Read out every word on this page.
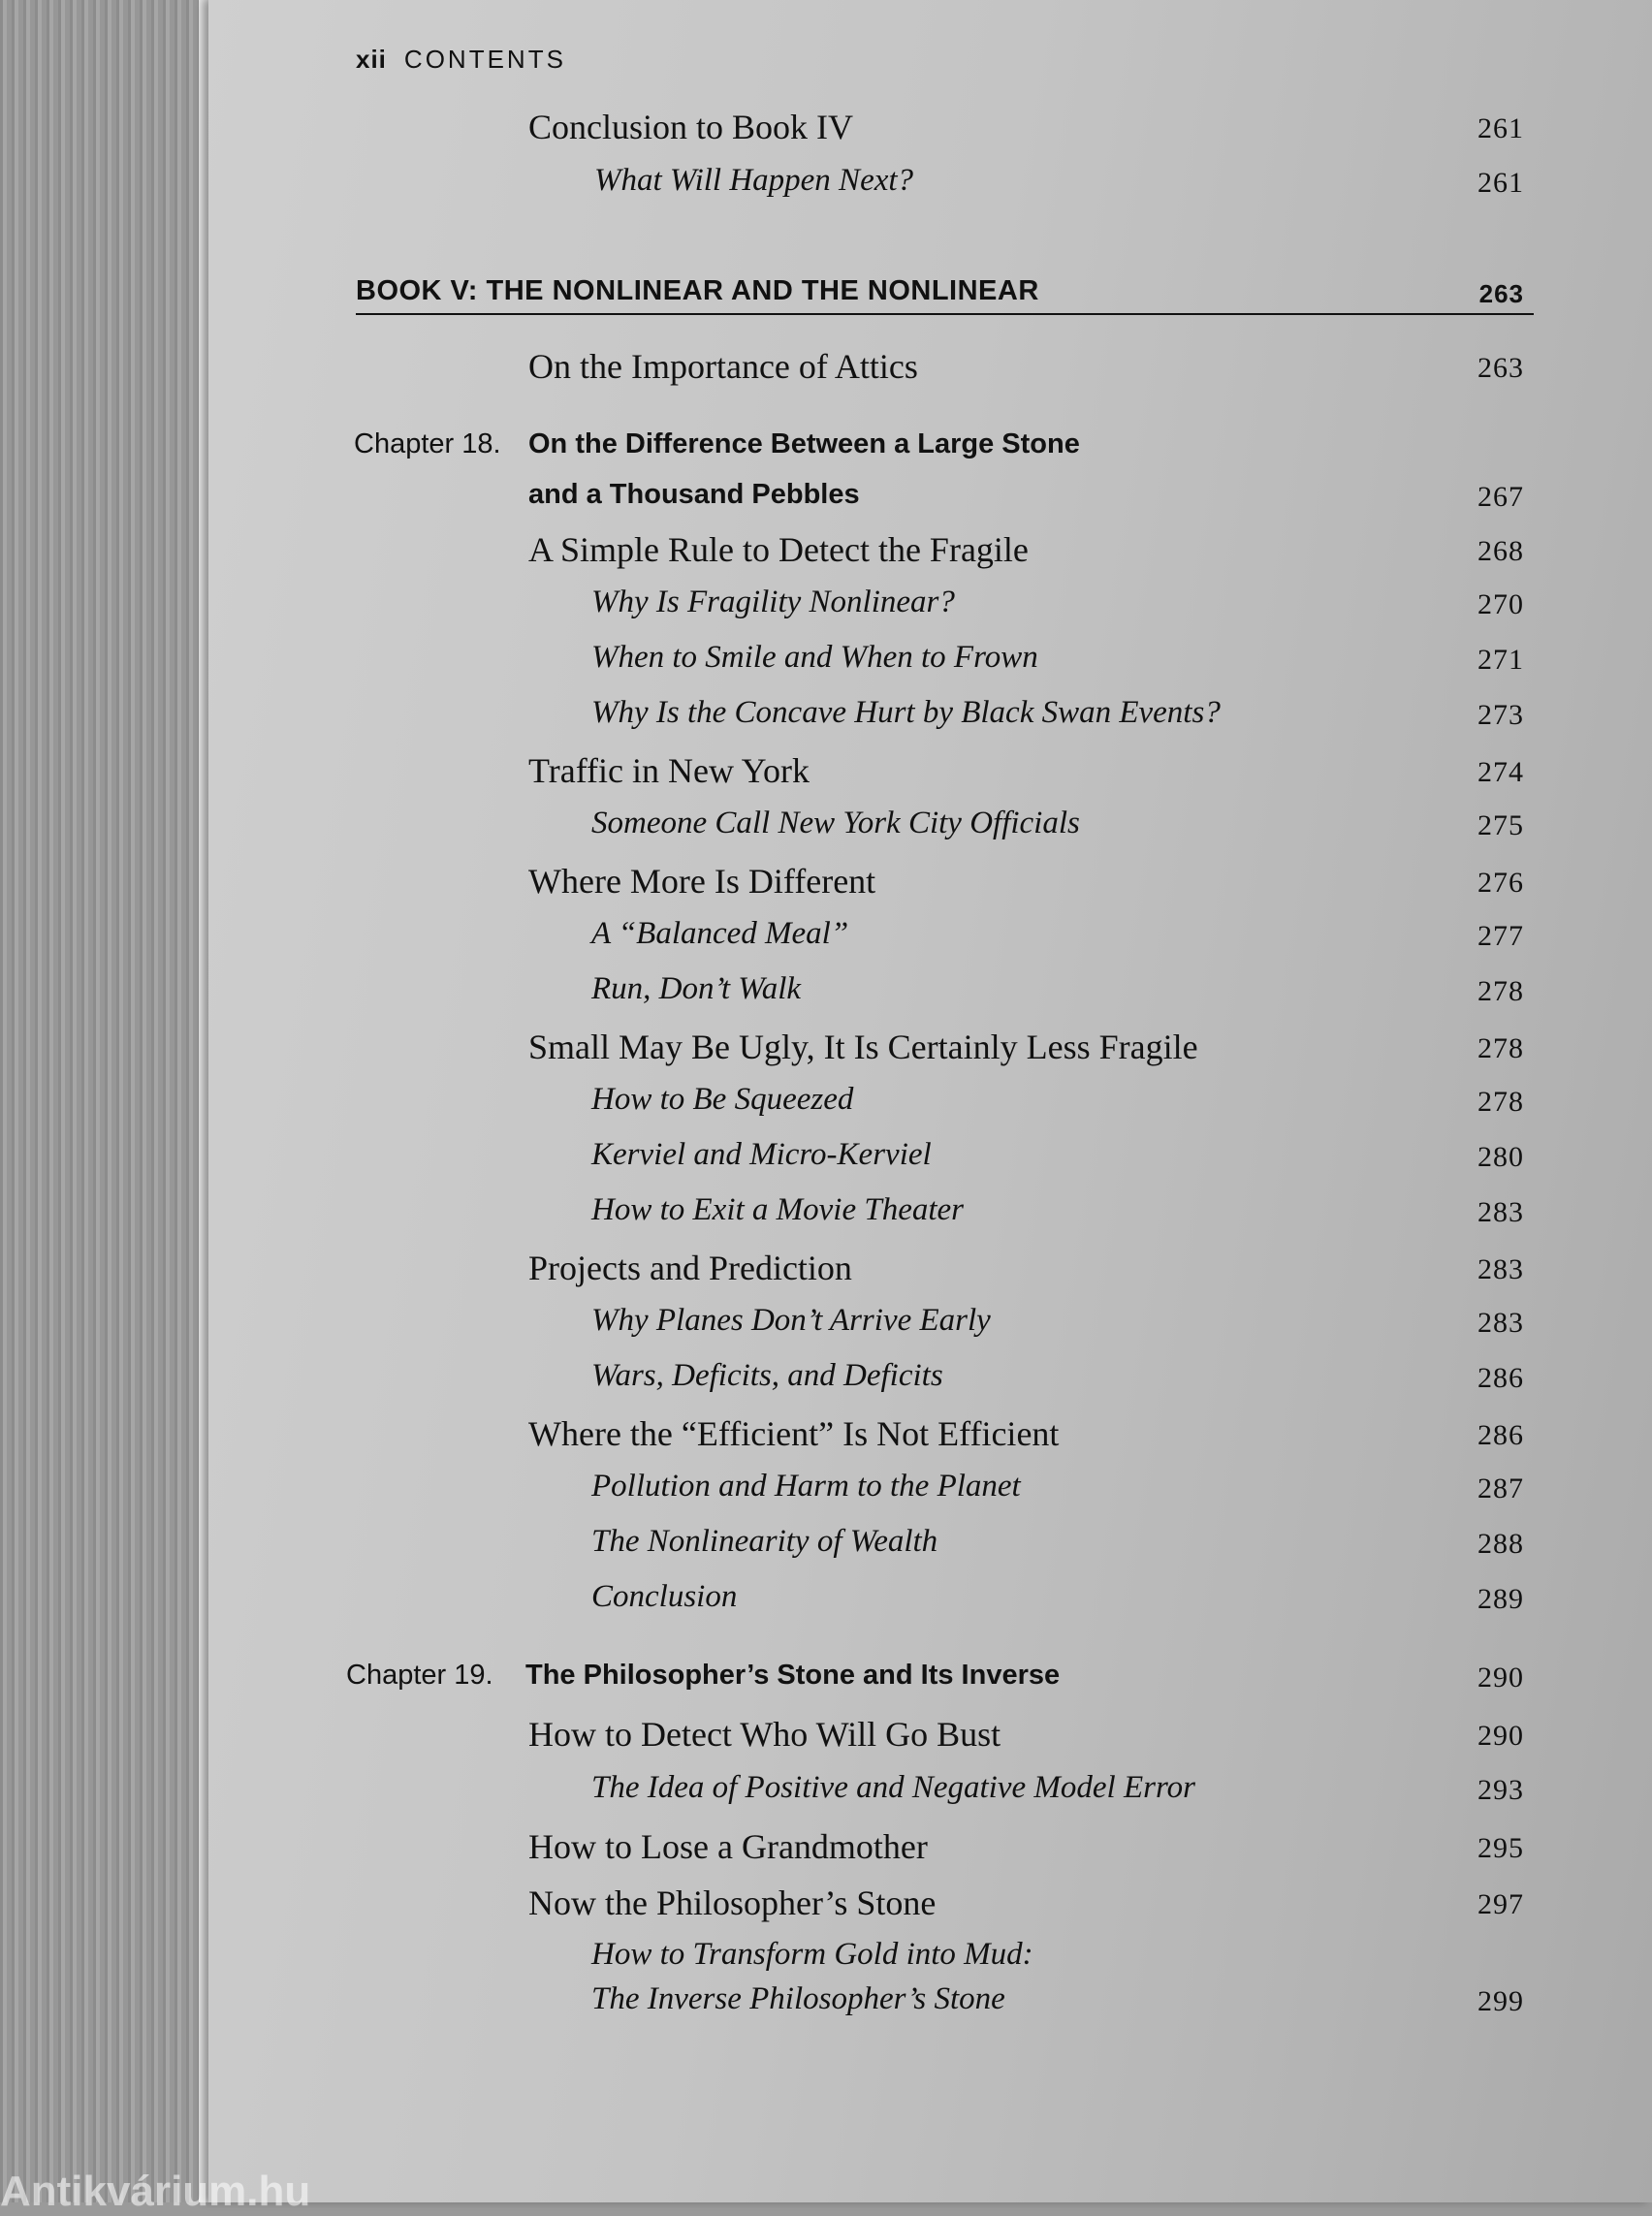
xii CONTENTS
Conclusion to Book IV	261
What Will Happen Next?	261
BOOK V: THE NONLINEAR AND THE NONLINEAR	263
On the Importance of Attics	263
Chapter 18. On the Difference Between a Large Stone
and a Thousand Pebbles	267
A Simple Rule to Detect the Fragile	268
Why Is Fragility Nonlinear?	270
When to Smile and When to Frown	271
Why Is the Concave Hurt by Black Swan Events?	273
Traffic in New York	274
Someone Call New York City Officials	275
Where More Is Different	276
A “Balanced Meal”	277
Run, Don’t Walk	278
Small May Be Ugly, It Is Certainly Less Fragile	278
How to Be Squeezed	278
Kerviel and Micro-Kerviel	280
How to Exit a Movie Theater	283
Projects and Prediction	283
Why Planes Don’t Arrive Early	283
Wars, Deficits, and Deficits	286
Where the “Efficient” Is Not Efficient	286
Pollution and Harm to the Planet	287
The Nonlinearity of Wealth	288
Conclusion	289
Chapter 19. The Philosopher’s Stone and Its Inverse	290
How to Detect Who Will Go Bust	290
The Idea of Positive and Negative Model Error	293
How to Lose a Grandmother	295
Now the Philosopher’s Stone	297
How to Transform Gold into Mud:
The Inverse Philosopher’s Stone	299
Antikvárium.hu
